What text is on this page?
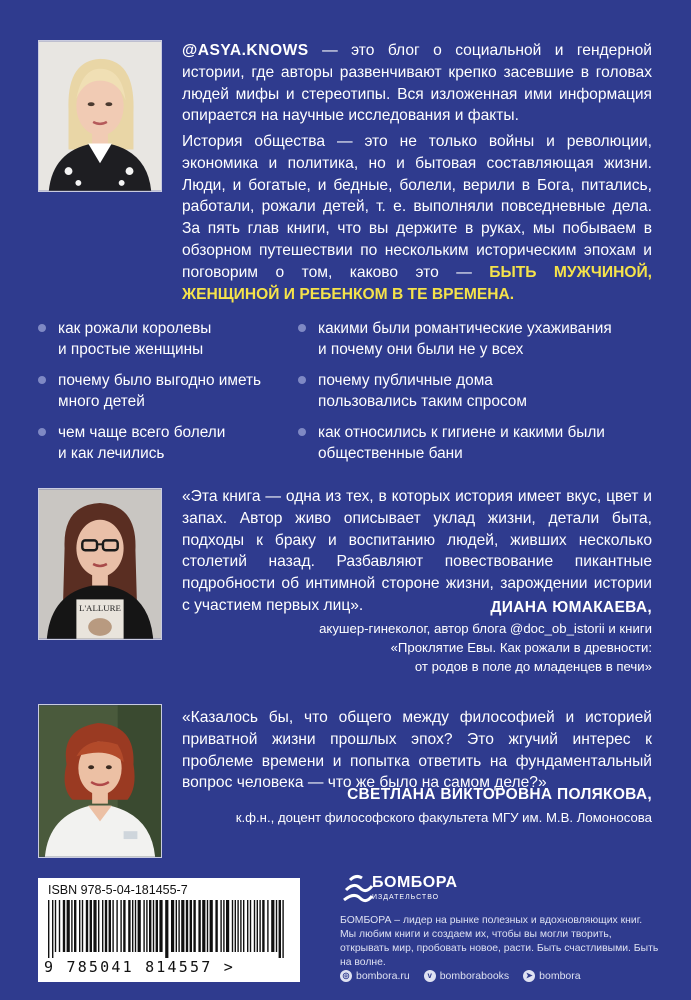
@ASYA.KNOWS — это блог о социальной и гендерной истории, где авторы развенчивают крепко засевшие в головах людей мифы и стереотипы. Вся изложенная ими информация опирается на научные исследования и факты.
История общества — это не только войны и революции, экономика и политика, но и бытовая составляющая жизни. Люди, и богатые, и бедные, болели, верили в Бога, питались, работали, рожали детей, т. е. выполняли повседневные дела. За пять глав книги, что вы держите в руках, мы побываем в обзорном путешествии по нескольким историческим эпохам и поговорим о том, каково это — БЫТЬ МУЖЧИНОЙ, ЖЕНЩИНОЙ И РЕБЕНКОМ В ТЕ ВРЕМЕНА.
как рожали королевы
и простые женщины
почему было выгодно иметь
много детей
чем чаще всего болели
и как лечились
какими были романтические ухаживания
и почему они были не у всех
почему публичные дома
пользовались таким спросом
как относились к гигиене и какими были
общественные бани
L'ALLURE
«Эта книга — одна из тех, в которых история имеет вкус, цвет и запах. Автор живо описывает уклад жизни, детали быта, подходы к браку и воспитанию людей, живших несколько столетий назад. Разбавляют повествование пикантные подробности об интимной стороне жизни, зарождении истории с участием первых лиц».	ДИАНА ЮМАКАЕВА,
акушер-гинеколог, автор блога @doc_ob_istorii и книги
«Проклятие Евы. Как рожали в древности:
от родов в поле до младенцев в печи»
«Казалось бы, что общего между философией и историей приватной жизни прошлых эпох? Это жгучий интерес к проблеме времени и попытка ответить на фундаментальный вопрос человека — что же было на самом деле?»
СВЕТЛАНА ВИКТОРОВНА ПОЛЯКОВА,
к.ф.н., доцент философского факультета МГУ им. М.В. Ломоносова
ISBN 978-5-04-181455-7
9 785041 814557 >
БОМБОРА
ИЗДАТЕЛЬСТВО
БОМБОРА – лидер на рынке полезных и вдохновляющих книг. Мы любим книги и создаем их, чтобы вы могли творить, открывать мир, пробовать новое, расти. Быть счастливыми. Быть на волне.
◎ bombora.ru	v bomborabooks	➤ bombora
